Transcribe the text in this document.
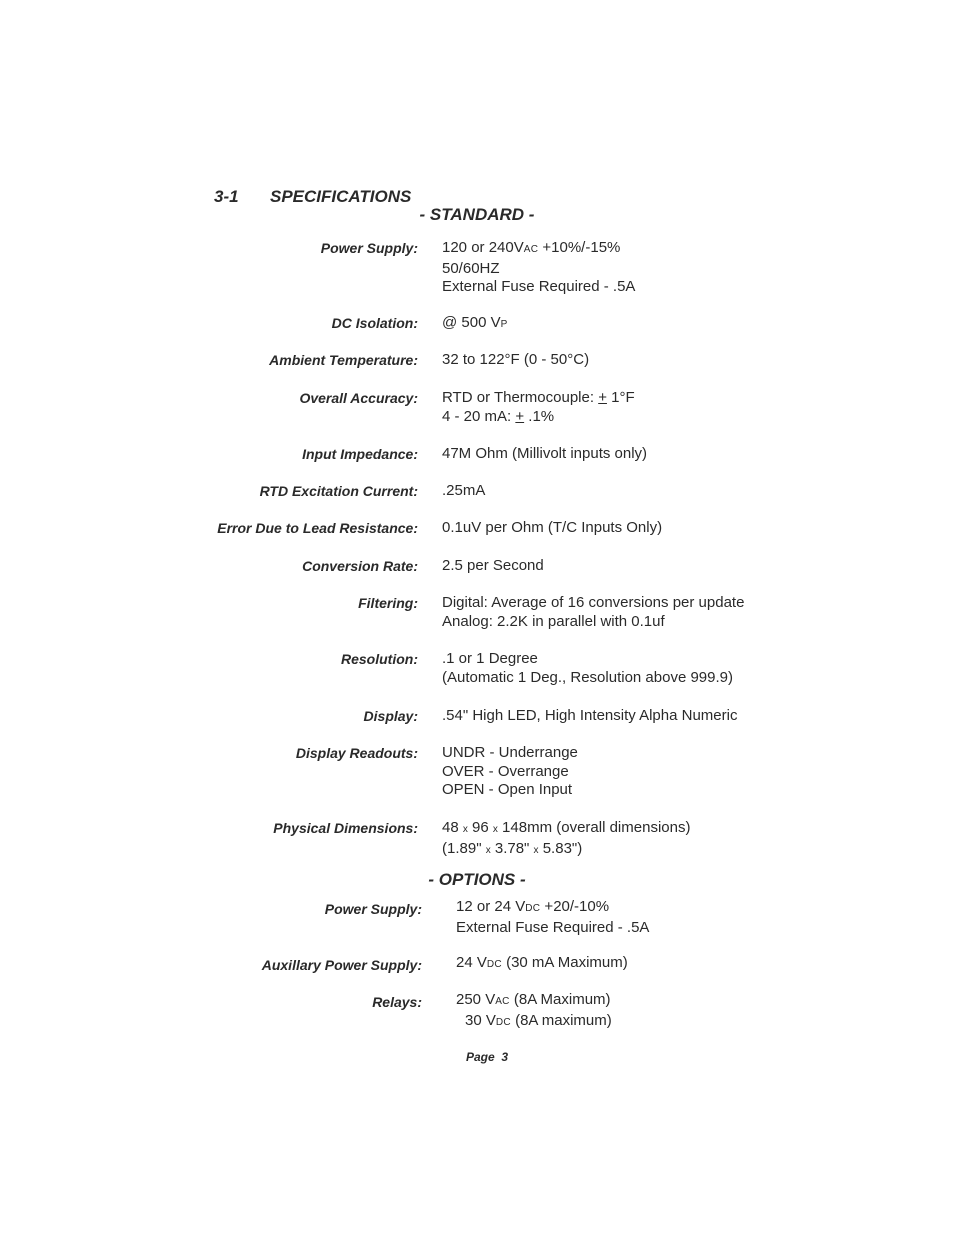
3-1 SPECIFICATIONS
- STANDARD -
Power Supply: 120 or 240VAC +10%/-15%
50/60HZ
External Fuse Required - .5A
DC Isolation: @ 500 VP
Ambient Temperature: 32 to 122°F (0 - 50°C)
Overall Accuracy: RTD or Thermocouple: + 1°F
4 - 20 mA: + .1%
Input Impedance: 47M Ohm (Millivolt inputs only)
RTD Excitation Current: .25mA
Error Due to Lead Resistance: 0.1uV per Ohm (T/C Inputs Only)
Conversion Rate: 2.5 per Second
Filtering: Digital: Average of 16 conversions per update
Analog: 2.2K in parallel with 0.1uf
Resolution: .1 or 1 Degree
(Automatic 1 Deg., Resolution above 999.9)
Display: .54" High LED, High Intensity Alpha Numeric
Display Readouts: UNDR - Underrange
OVER - Overrange
OPEN - Open Input
Physical Dimensions: 48 x 96 x 148mm (overall dimensions)
(1.89" x 3.78" x 5.83")
- OPTIONS -
Power Supply: 12 or 24 VDC +20/-10%
External Fuse Required - .5A
Auxillary Power Supply: 24 VDC (30 mA Maximum)
Relays: 250 VAC (8A Maximum)
30 VDC (8A maximum)
Page  3
